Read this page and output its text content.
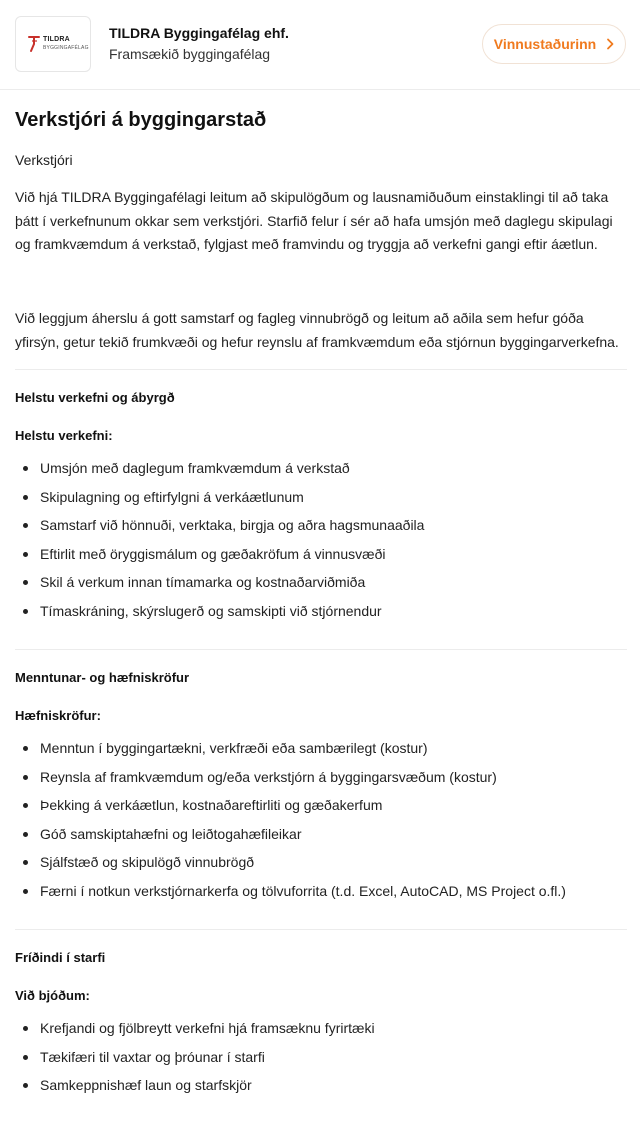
TILDRA
BYGGINGAFÉLAG
TILDRA Byggingafélag ehf.
Framsækið byggingafélag
Vinnustaðurinn
Verkstjóri á byggingarstað
Verkstjóri

Við hjá TILDRA Byggingafélagi leitum að skipulögðum og lausnamiðuðum einstaklingi til að taka þátt í verkefnunum okkar sem verkstjóri. Starfið felur í sér að hafa umsjón með daglegu skipulagi og framkvæmdum á verkstað, fylgjast með framvindu og tryggja að verkefni gangi eftir áætlun.

Við leggjum áherslu á gott samstarf og fagleg vinnubrögð og leitum að aðila sem hefur góða yfirsýn, getur tekið frumkvæði og hefur reynslu af framkvæmdum eða stjórnun byggingarverkefna.

Helstu verkefni og ábyrgð
Helstu verkefni:
Umsjón með daglegum framkvæmdum á verkstað
Skipulagning og eftirfylgni á verkáætlunum
Samstarf við hönnuði, verktaka, birgja og aðra hagsmunaaðila
Eftirlit með öryggismálum og gæðakröfum á vinnusvæði
Skil á verkum innan tímamarka og kostnaðarviðmiða
Tímaskráning, skýrslugerð og samskipti við stjórnendur
Menntunar- og hæfniskröfur
Hæfniskröfur:
Menntun í byggingartækni, verkfræði eða sambærilegt (kostur)
Reynsla af framkvæmdum og/eða verkstjórn á byggingarsvæðum (kostur)
Þekking á verkáætlun, kostnaðareftirliti og gæðakerfum
Góð samskiptahæfni og leiðtogahæfileikar
Sjálfstæð og skipulögð vinnubrögð
Færni í notkun verkstjórnarkerfa og tölvuforrita (t.d. Excel, AutoCAD, MS Project o.fl.)
Fríðindi í starfi
Við bjóðum:
Krefjandi og fjölbreytt verkefni hjá framsæknu fyrirtæki
Tækifæri til vaxtar og þróunar í starfi
Samkeppnishæf laun og starfskjör
